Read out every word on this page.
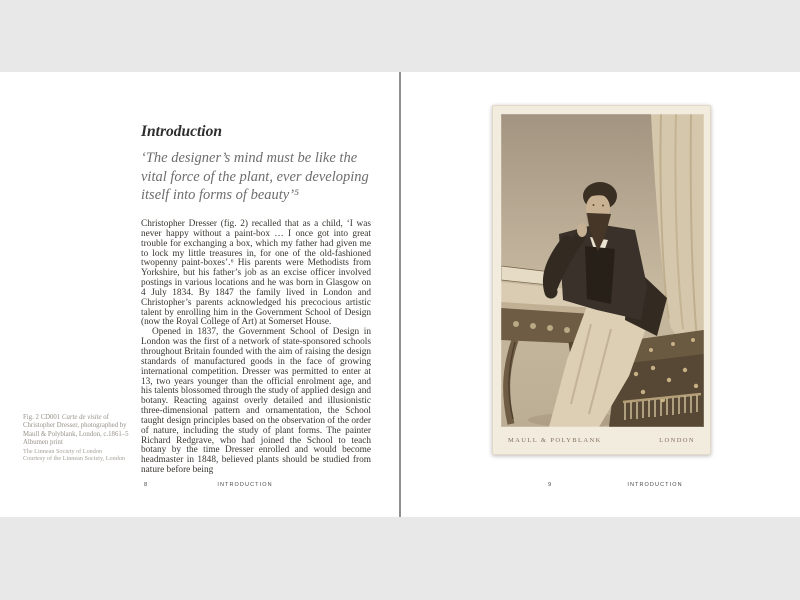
Introduction
‘The designer’s mind must be like the vital force of the plant, ever developing itself into forms of beauty’⁵

Christopher Dresser (fig. 2) recalled that as a child, ‘I was never happy without a paint-box … I once got into great trouble for exchanging a box, which my father had given me to lock my little treasures in, for one of the old-fashioned twopenny paint-boxes’.⁶ His parents were Methodists from Yorkshire, but his father’s job as an excise officer involved postings in various locations and he was born in Glasgow on 4 July 1834. By 1847 the family lived in London and Christopher’s parents acknowledged his precocious artistic talent by enrolling him in the Government School of Design (now the Royal College of Art) at Somerset House.

Opened in 1837, the Government School of Design in London was the first of a network of state-sponsored schools throughout Britain founded with the aim of raising the design standards of manufactured goods in the face of growing international competition. Dresser was permitted to enter at 13, two years younger than the official enrolment age, and his talents blossomed through the study of applied design and botany. Reacting against overly detailed and illusionistic three-dimensional pattern and ornamentation, the School taught design principles based on the observation of the order of nature, including the study of plant forms. The painter Richard Redgrave, who had joined the School to teach botany by the time Dresser enrolled and would become headmaster in 1848, believed plants should be studied from nature before being

Fig. 2 CD001 Carte de visite of
Christopher Dresser, photographed by
Maull & Polyblank, London, c.1861–5
Albumen print
The Linnean Society of London
Courtesy of the Linnean Society, London
8	INTRODUCTION
MAULL & POLYBLANK	LONDON
9	INTRODUCTION
